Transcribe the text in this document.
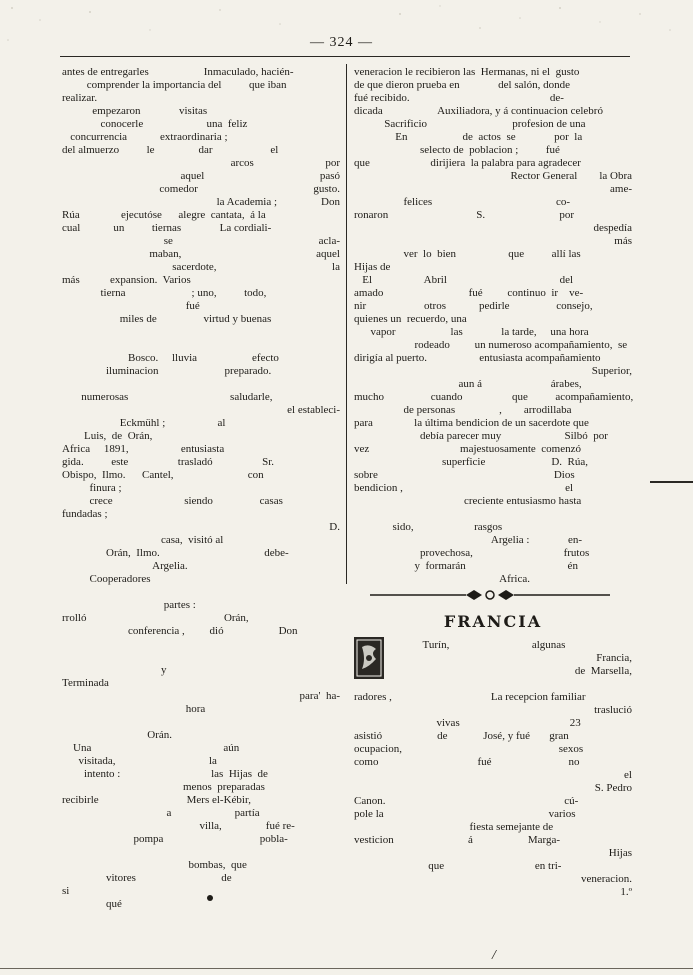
— 324 —
antes de entregarles                    Inmaculado, hacién-
comprender la importancia del          que iban
realizar.
empezaron              visitas
conocerle                       una  feliz
concurrencia            extraordinaria ;
del almuerzo          le                dar                     el
arcos                          por
aquel                                          pasó
comedor                                          gusto.
la Academia ;                Don
Rúa               ejecutóse      alegre  cantata,  á la
cual            un          tiernas              La cordiali-
se                                                     acla-
maban,                                                 aquel
sacerdote,                                          la
más           expansion.  Varios
tierna                        ; uno,          todo,
fué
miles de                 virtud y buenas
Bosco.     lluvia                    efecto
iluminacion                        preparado.
numerosas                                     saludarle,
el estableci-
Eckmühl ;                   al
Luis,  de  Orán,
Africa     1891,                   entusiasta
gida.          este                  trasladó                  Sr.
Obispo,  Ilmo.      Cantel,                           con
finura ;
crece                          siendo                 casas
fundadas ;
D.
casa,  visitó al
Orán,  Ilmo.                                      debe-
Argelia.
Cooperadores
partes :
rrolló                                                  Orán,
conferencia ,         dió                    Don
y
Terminada
para'  ha-
hora
Orán.
Una                                                aún
visitada,                                  la
intento :                                 las  Hijas  de
menos  preparadas
recibirle                                Mers el-Kébir,
a                       partía
villa,                fué re-
pompa                                   pobla-
bombas,  que
vitores                               de
si
qué
veneracion le recibieron las  Hermanas, ni el  gusto
de que dieron prueba en              del salón, donde
fué recibido.                                                   de-
dicada                    Auxiliadora, y á continuacion celebró
Sacrificio                               profesion de una
En                    de  actos  se              por  la
selecto de  poblacion ;          fué
que                      dirijiera  la palabra para agradecer
Rector General        la Obra
ame-
felices                                             co-
ronaron                                S.                           por
despedía
más
ver  lo  bien                   que          allí las
Hijas de
El                   Abril                                         del
amado                               fué         continuo  ir    ve-
nir                     otros            pedirle                 consejo,
quienes un  recuerdo, una
vapor                    las              la tarde,     una hora
rodeado         un numeroso acompañamiento,  se
dirigía al puerto.                   entusiasta acompañamiento
Superior,
aun á                         árabes,
mucho                 cuando                  que          acompañamiento,
de personas                ,        arrodillaba
para               la última bendicion de un sacerdote que
debía parecer muy                       Silbó  por
vez                                 majestuosamente  comenzó
superficie                        D.  Rúa,
sobre                                                                Dios
bendicion ,                                                           el
creciente entusiasmo hasta
sido,                      rasgos
Argelia :              en-
provechosa,                                 frutos
y  formarán                                     én
Africa.
FRANCIA
Turín,                              algunas
Francia,
de  Marsella,
radores ,                                    La recepcion familiar
traslució
vivas                                        23
asistió                    de             José, y fué       gran
ocupacion,                                                         sexos
como                                    fué                            no
el
S. Pedro
Canon.                                                                 cú-
pole la                                                            varios
fiesta semejante de
vesticion                           á                    Marga-
Hijas
que                                 en tri-
veneracion.
1.º
/
